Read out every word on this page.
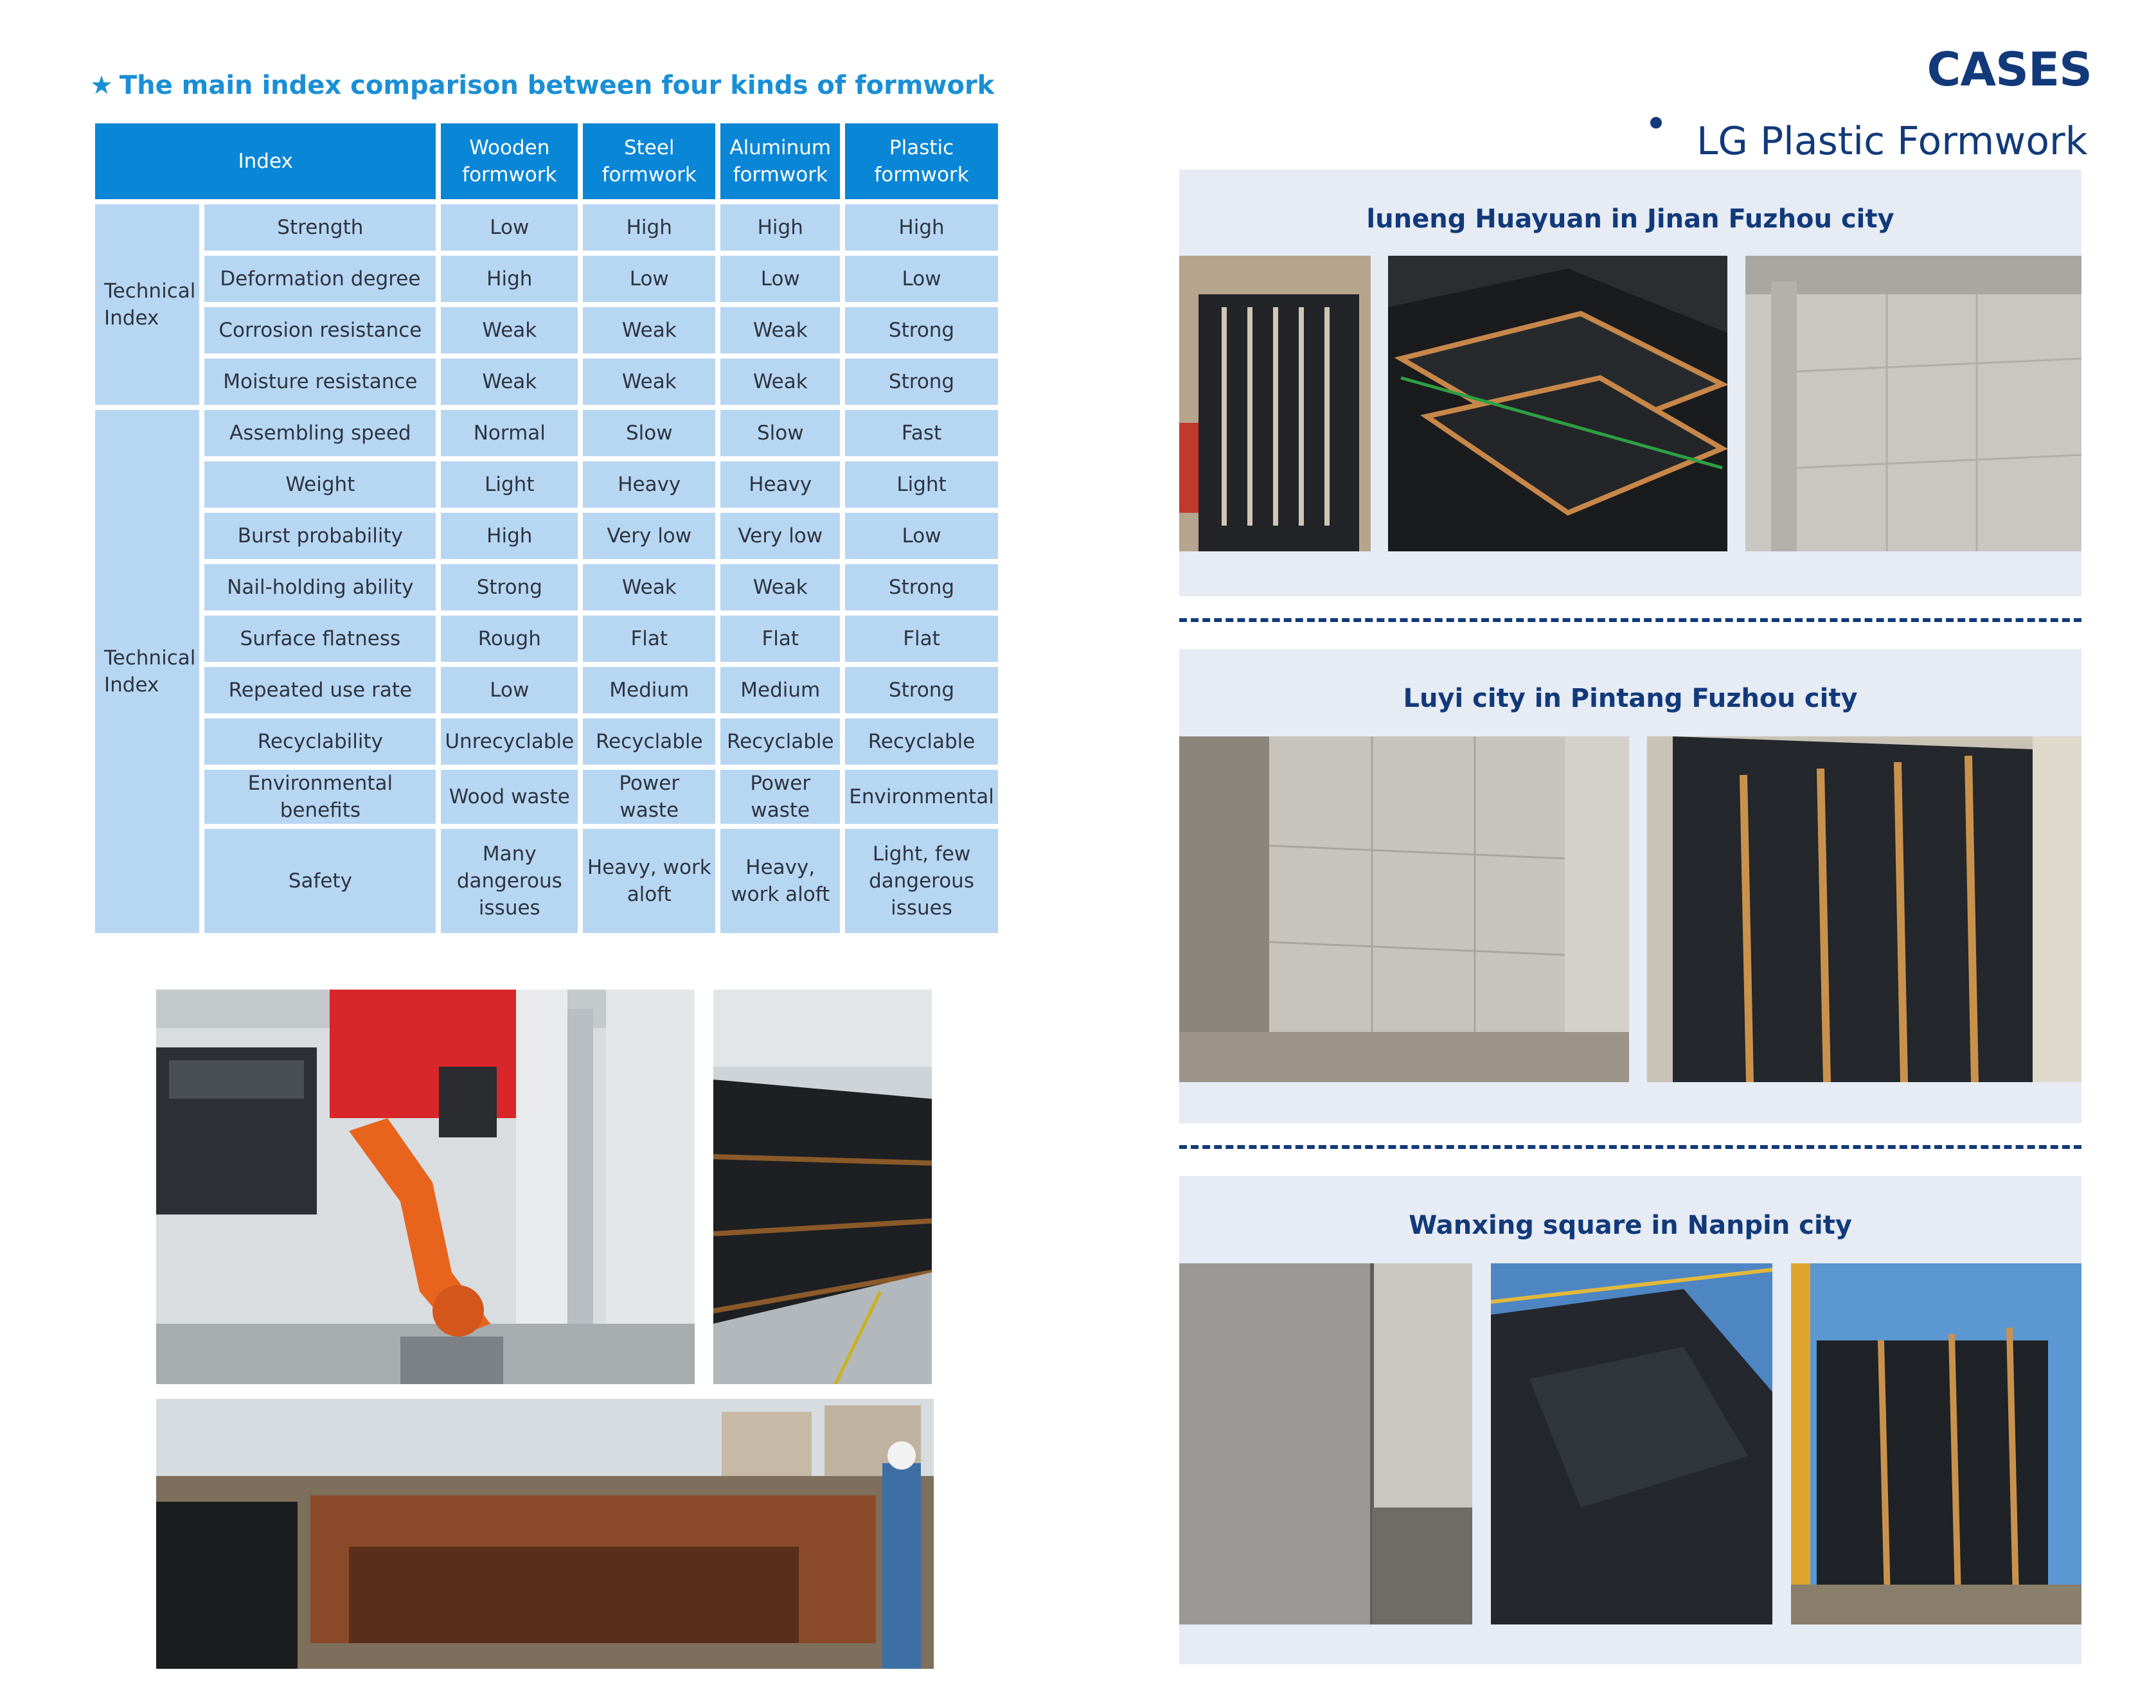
★ The main index comparison between four kinds of formwork
Index		Wooden formwork	Steel formwork	Aluminum formwork	Plastic formwork
Technical Index	Strength	Low	High	High	High
	Deformation degree	High	Low	Low	Low
	Corrosion resistance	Weak	Weak	Weak	Strong
	Moisture resistance	Weak	Weak	Weak	Strong
Technical Index	Assembling speed	Normal	Slow	Slow	Fast
	Weight	Light	Heavy	Heavy	Light
	Burst probability	High	Very low	Very low	Low
	Nail-holding ability	Strong	Weak	Weak	Strong
	Surface flatness	Rough	Flat	Flat	Flat
	Repeated use rate	Low	Medium	Medium	Strong
	Recyclability	Unrecyclable	Recyclable	Recyclable	Recyclable
	Environmental benefits	Wood waste	Power waste	Power waste	Environmental
	Safety	Many dangerous issues	Heavy, work aloft	Heavy, work aloft	Light, few dangerous issues
CASES
LG Plastic Formwork
luneng Huayuan in Jinan Fuzhou city
Luyi city in Pintang Fuzhou city
Wanxing square in Nanpin city
